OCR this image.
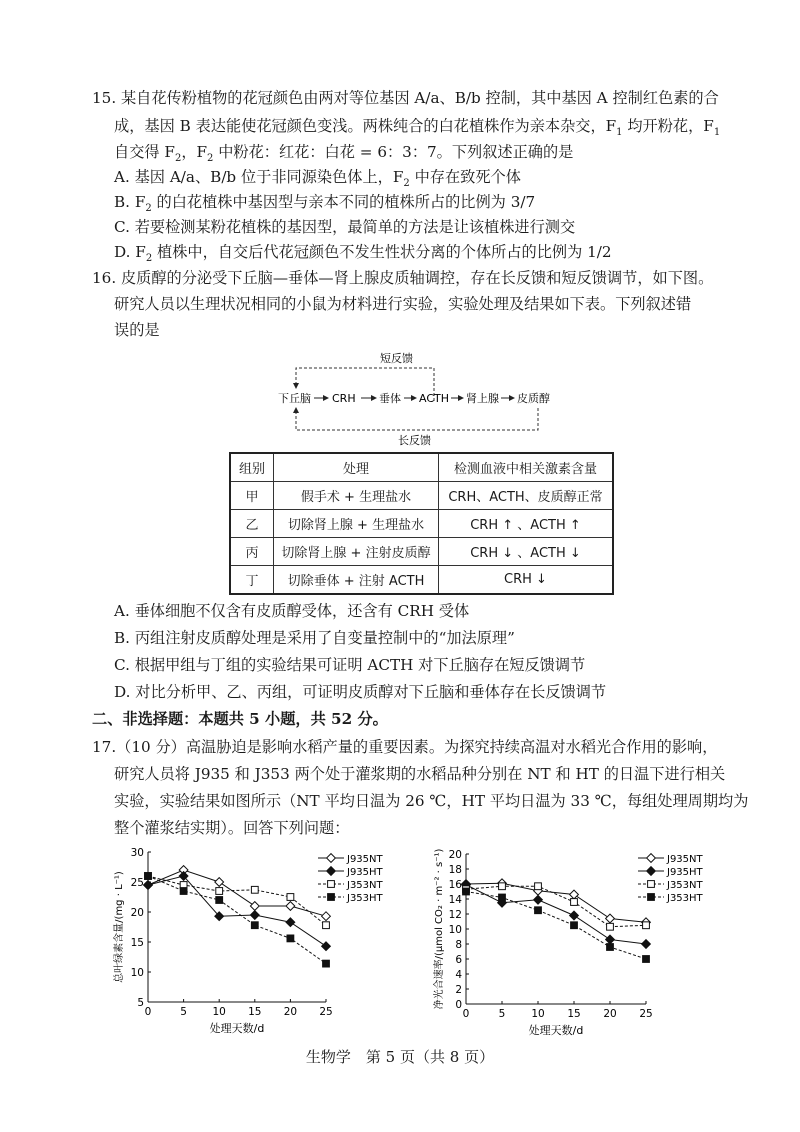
15. 某自花传粉植物的花冠颜色由两对等位基因 A/a、B/b 控制，其中基因 A 控制红色素的合
成，基因 B 表达能使花冠颜色变浅。两株纯合的白花植株作为亲本杂交，$F_1$ 均开粉花，$F_1$
自交得 $F_2$，$F_2$ 中粉花：红花：白花 = 6：3：7。下列叙述正确的是
A. 基因 A/a、B/b 位于非同源染色体上，$F_2$ 中存在致死个体
B. $F_2$ 的白花植株中基因型与亲本不同的植株所占的比例为 3/7
C. 若要检测某粉花植株的基因型，最简单的方法是让该植株进行测交
D. $F_2$ 植株中，自交后代花冠颜色不发生性状分离的个体所占的比例为 1/2
16. 皮质醇的分泌受下丘脑—垂体—肾上腺皮质轴调控，存在长反馈和短反馈调节，如下图。
研究人员以生理状况相同的小鼠为材料进行实验，实验处理及结果如下表。下列叙述错
误的是
短反馈
下丘脑 CRH 垂体 ACTH 肾上腺 皮质醇
长反馈
组别	处理	检测血液中相关激素含量
甲	假手术 + 生理盐水	CRH、ACTH、皮质醇正常
乙	切除肾上腺 + 生理盐水	CRH ↑ 、ACTH ↑
丙	切除肾上腺 + 注射皮质醇	CRH ↓ 、ACTH ↓
丁	切除垂体 + 注射 ACTH	CRH ↓
A. 垂体细胞不仅含有皮质醇受体，还含有 CRH 受体
B. 丙组注射皮质醇处理是采用了自变量控制中的“加法原理”
C. 根据甲组与丁组的实验结果可证明 ACTH 对下丘脑存在短反馈调节
D. 对比分析甲、乙、丙组，可证明皮质醇对下丘脑和垂体存在长反馈调节
二、非选择题：本题共 5 小题，共 52 分。
17.（10 分）高温胁迫是影响水稻产量的重要因素。为探究持续高温对水稻光合作用的影响，
研究人员将 J935 和 J353 两个处于灌浆期的水稻品种分别在 NT 和 HT 的日温下进行相关
实验，实验结果如图所示（NT 平均日温为 26 ℃，HT 平均日温为 33 ℃，每组处理周期均为
整个灌浆结实期）。回答下列问题：
5
10
15
20
25
30
0	5 10 15 20 25
处理天数/d
总叶绿素含量/(mg · L⁻¹)
J935NT
J935HT
J353NT
J353HT
0
2
4
6
8
10
12
14
16
18
20
0	5 10 15 20 25
处理天数/d
净光合速率/(μmol CO₂ · m⁻² · s⁻¹)	J935NT
J935HT
J353NT
J353HT
生物学　第 5 页（共 8 页）
